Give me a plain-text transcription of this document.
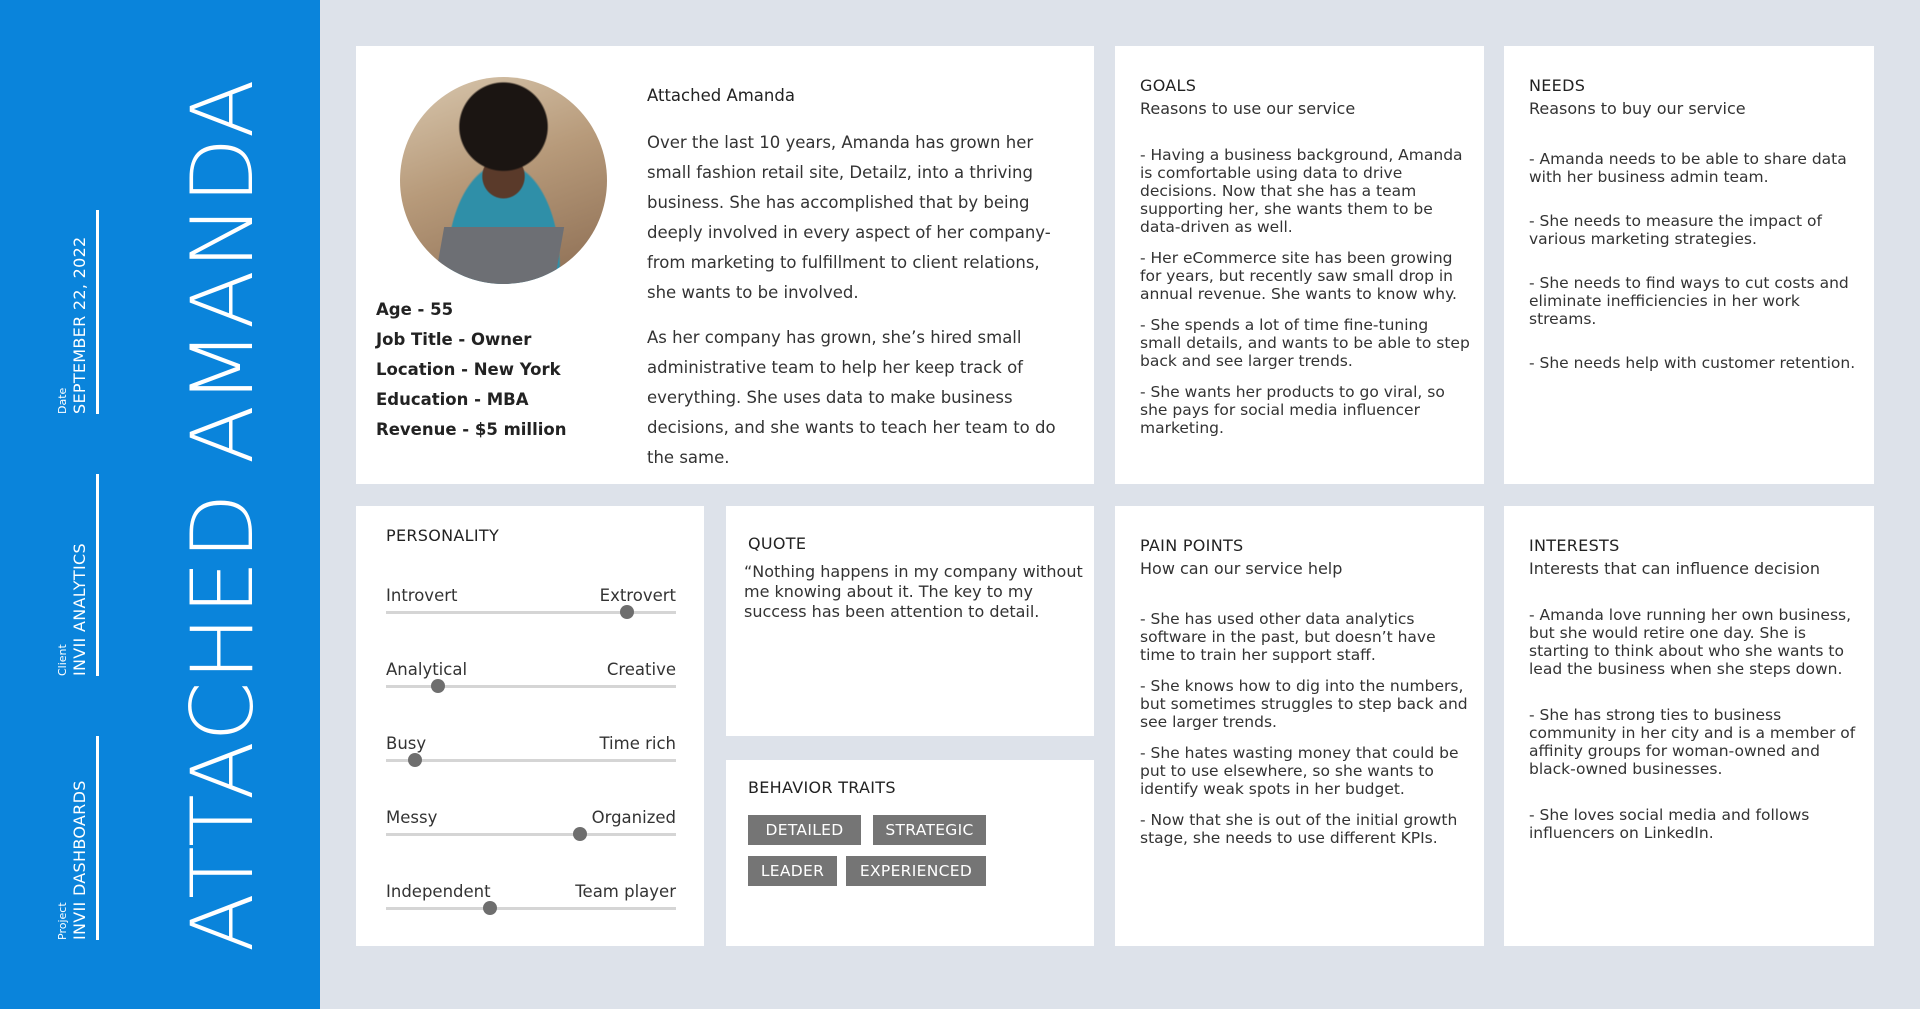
Date SEPTEMBER 22, 2022
Client INVII ANALYTICS
Project INVII DASHBOARDS ATTACHED AMANDA	Age - 55
Job Title - Owner
Location - New York
Education - MBA
Revenue - $5 million
Attached Amanda

Over the last 10 years, Amanda has grown her small fashion retail site, Detailz, into a thriving business. She has accomplished that by being deeply involved in every aspect of her company- from marketing to fulfillment to client relations, she wants to be involved.

As her company has grown, she’s hired small administrative team to help her keep track of everything. She uses data to make business decisions, and she wants to teach her team to do the same.

GOALS
Reasons to use our service
- Having a business background, Amanda is comfortable using data to drive decisions. Now that she has a team supporting her, she wants them to be data-driven as well.
- Her eCommerce site has been growing for years, but recently saw small drop in annual revenue. She wants to know why.
- She spends a lot of time fine-tuning small details, and wants to be able to step back and see larger trends.
- She wants her products to go viral, so she pays for social media influencer marketing.
NEEDS
Reasons to buy our service
- Amanda needs to be able to share data with her business admin team.
- She needs to measure the impact of various marketing strategies.
- She needs to find ways to cut costs and eliminate inefficiencies in her work streams.
- She needs help with customer retention.
PERSONALITY
Introvert	Extrovert
Analytical	Creative
Busy	Time rich
Messy	Organized
Independent	Team player
QUOTE
“Nothing happens in my company without me knowing about it. The key to my success has been attention to detail.
BEHAVIOR TRAITS
DETAILED	STRATEGIC
LEADER	EXPERIENCED
PAIN POINTS
How can our service help
- She has used other data analytics software in the past, but doesn’t have time to train her support staff.
- She knows how to dig into the numbers, but sometimes struggles to step back and see larger trends.
- She hates wasting money that could be put to use elsewhere, so she wants to identify weak spots in her budget.
- Now that she is out of the initial growth stage, she needs to use different KPIs.
INTERESTS
Interests that can influence decision
- Amanda love running her own business, but she would retire one day. She is starting to think about who she wants to lead the business when she steps down.
- She has strong ties to business community in her city and is a member of affinity groups for woman-owned and black-owned businesses.
- She loves social media and follows influencers on LinkedIn.
